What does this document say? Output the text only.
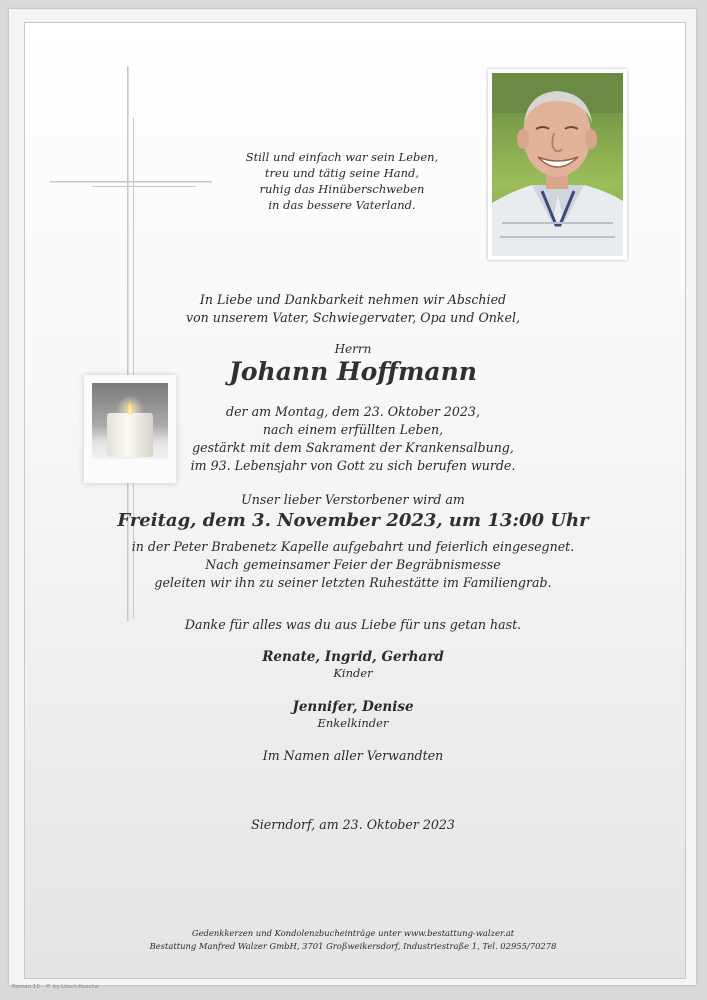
Still und einfach war sein Leben,
treu und tätig seine Hand,
ruhig das Hinüberschweben
in das bessere Vaterland.
In Liebe und Dankbarkeit nehmen wir Abschied
von unserem Vater, Schwiegervater, Opa und Onkel,
Herrn
Johann Hoffmann
der am Montag, dem 23. Oktober 2023,
nach einem erfüllten Leben,
gestärkt mit dem Sakrament der Krankensalbung,
im 93. Lebensjahr von Gott zu sich berufen wurde.
Unser lieber Verstorbener wird am
Freitag, dem 3. November 2023, um 13:00 Uhr
in der Peter Brabenetz Kapelle aufgebahrt und feierlich eingesegnet.
Nach gemeinsamer Feier der Begräbnismesse
geleiten wir ihn zu seiner letzten Ruhestätte im Familiengrab.
Danke für alles was du aus Liebe für uns getan hast.
Renate, Ingrid, Gerhard
Kinder
Jennifer, Denise
Enkelkinder
Im Namen aller Verwandten
Sierndorf, am 23. Oktober 2023
Gedenkkerzen und Kondolenzbucheinträge unter www.bestattung-walzer.at
Bestattung Manfred Walzer GmbH, 3701 Großweikersdorf, Industriestraße 1, Tel. 02955/70278
Roman 10 - © by Lösch-Kuscha
